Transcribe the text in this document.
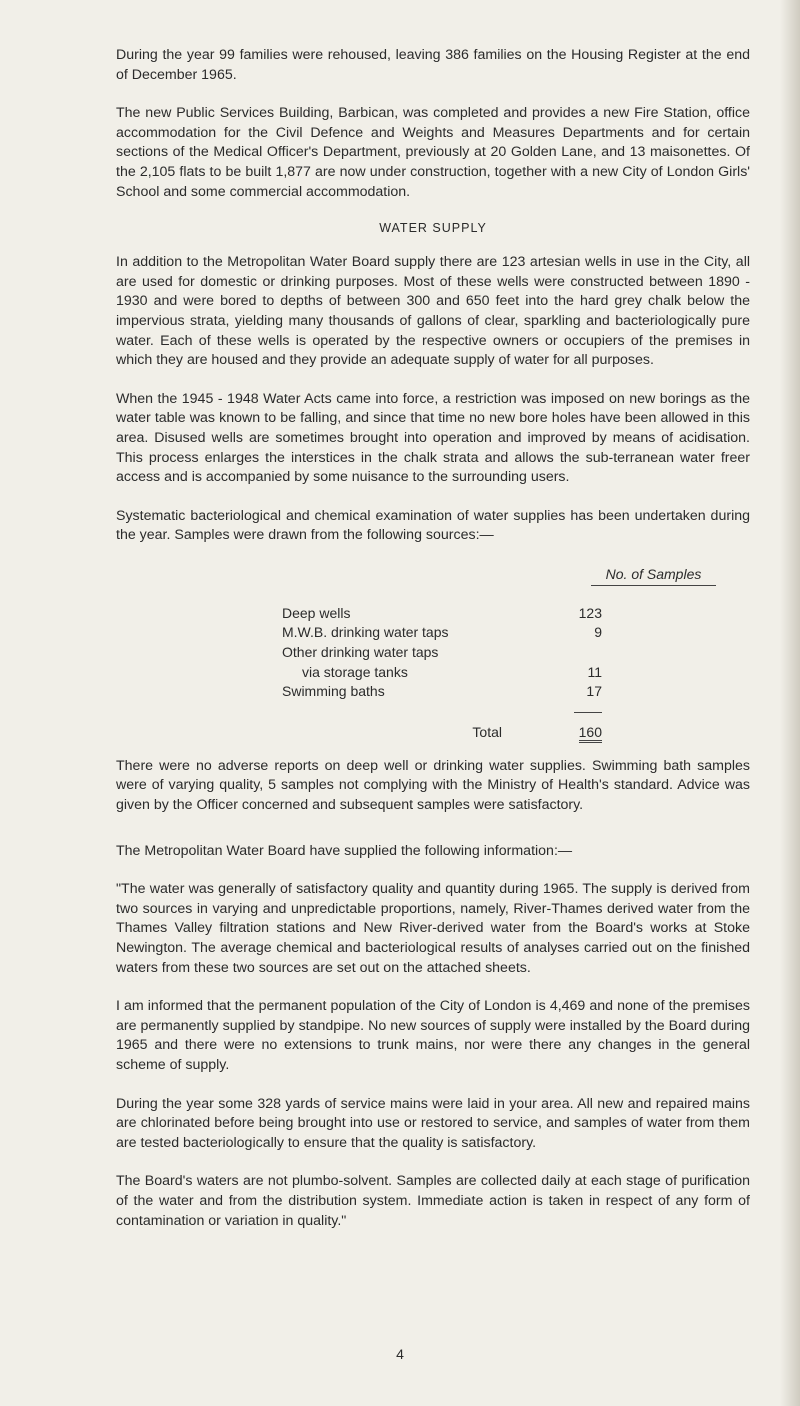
During the year 99 families were rehoused, leaving 386 families on the Housing Register at the end of December 1965.

The new Public Services Building, Barbican, was completed and provides a new Fire Station, office accommodation for the Civil Defence and Weights and Measures Departments and for certain sections of the Medical Officer's Department, previously at 20 Golden Lane, and 13 maisonettes. Of the 2,105 flats to be built 1,877 are now under construction, together with a new City of London Girls' School and some commercial accommodation.

WATER SUPPLY

In addition to the Metropolitan Water Board supply there are 123 artesian wells in use in the City, all are used for domestic or drinking purposes. Most of these wells were constructed between 1890 - 1930 and were bored to depths of between 300 and 650 feet into the hard grey chalk below the impervious strata, yielding many thousands of gallons of clear, sparkling and bacteriologically pure water. Each of these wells is operated by the respective owners or occupiers of the premises in which they are housed and they provide an adequate supply of water for all purposes.

When the 1945 - 1948 Water Acts came into force, a restriction was imposed on new borings as the water table was known to be falling, and since that time no new bore holes have been allowed in this area. Disused wells are sometimes brought into operation and improved by means of acidisation. This process enlarges the interstices in the chalk strata and allows the sub-terranean water freer access and is accompanied by some nuisance to the surrounding users.

Systematic bacteriological and chemical examination of water supplies has been undertaken during the year. Samples were drawn from the following sources:—

No. of Samples
Deep wells	123
M.W.B. drinking water taps	9
Other drinking water taps
via storage tanks	11
Swimming baths	17
Total	160

There were no adverse reports on deep well or drinking water supplies. Swimming bath samples were of varying quality, 5 samples not complying with the Ministry of Health's standard. Advice was given by the Officer concerned and subsequent samples were satisfactory.

The Metropolitan Water Board have supplied the following information:—

"The water was generally of satisfactory quality and quantity during 1965. The supply is derived from two sources in varying and unpredictable proportions, namely, River-Thames derived water from the Thames Valley filtration stations and New River-derived water from the Board's works at Stoke Newington. The average chemical and bacteriological results of analyses carried out on the finished waters from these two sources are set out on the attached sheets.

I am informed that the permanent population of the City of London is 4,469 and none of the premises are permanently supplied by standpipe. No new sources of supply were installed by the Board during 1965 and there were no extensions to trunk mains, nor were there any changes in the general scheme of supply.

During the year some 328 yards of service mains were laid in your area. All new and repaired mains are chlorinated before being brought into use or restored to service, and samples of water from them are tested bacteriologically to ensure that the quality is satisfactory.

The Board's waters are not plumbo-solvent. Samples are collected daily at each stage of purification of the water and from the distribution system. Immediate action is taken in respect of any form of contamination or variation in quality."

4
